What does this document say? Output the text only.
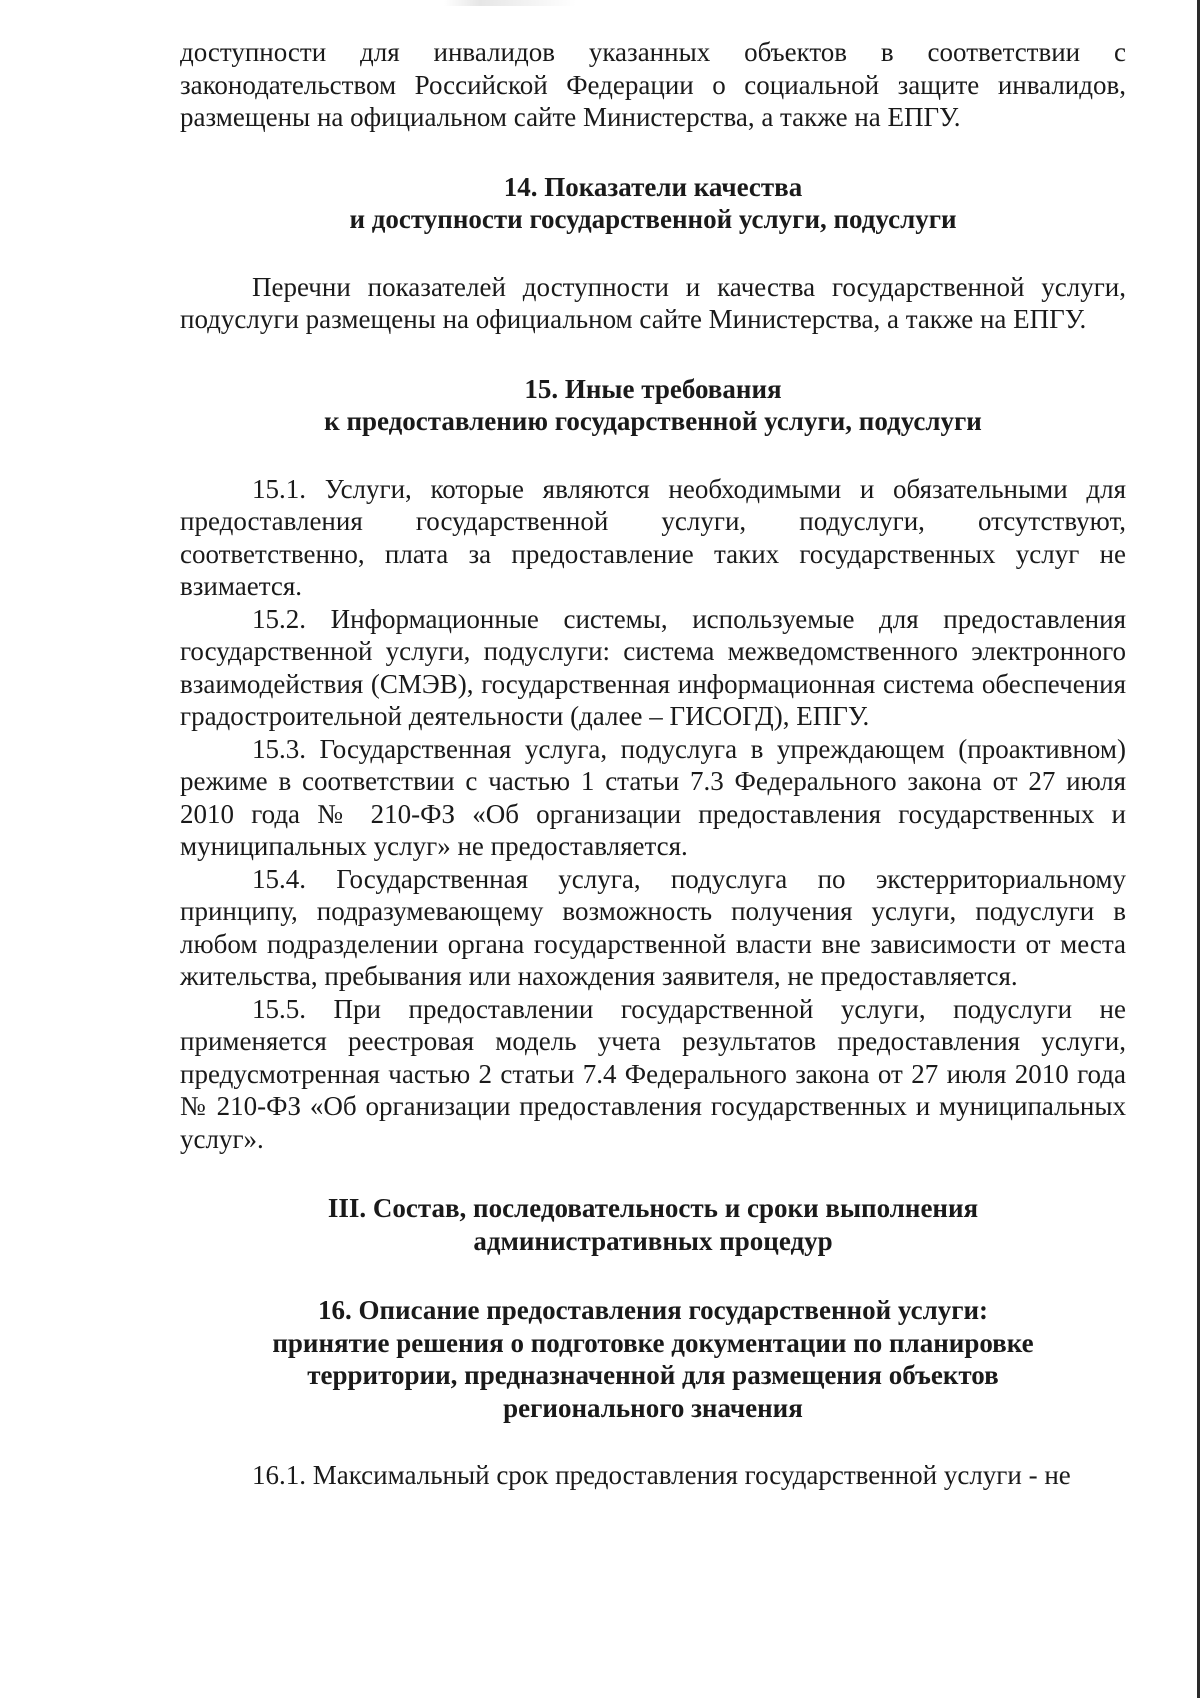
доступности для инвалидов указанных объектов в соответствии с законодательством Российской Федерации о социальной защите инвалидов, размещены на официальном сайте Министерства, а также на ЕПГУ.

14. Показатели качества
и доступности государственной услуги, подуслуги

Перечни показателей доступности и качества государственной услуги, подуслуги размещены на официальном сайте Министерства, а также на ЕПГУ.

15. Иные требования
к предоставлению государственной услуги, подуслуги

15.1. Услуги, которые являются необходимыми и обязательными для предоставления государственной услуги, подуслуги, отсутствуют, соответственно, плата за предоставление таких государственных услуг не взимается.

15.2. Информационные системы, используемые для предоставления государственной услуги, подуслуги: система межведомственного электронного взаимодействия (СМЭВ), государственная информационная система обеспечения градостроительной деятельности (далее – ГИСОГД), ЕПГУ.

15.3. Государственная услуга, подуслуга в упреждающем (проактивном) режиме в соответствии с частью 1 статьи 7.3 Федерального закона от 27 июля 2010 года № 210-ФЗ «Об организации предоставления государственных и муниципальных услуг» не предоставляется.

15.4. Государственная услуга, подуслуга по экстерриториальному принципу, подразумевающему возможность получения услуги, подуслуги в любом подразделении органа государственной власти вне зависимости от места жительства, пребывания или нахождения заявителя, не предоставляется.

15.5. При предоставлении государственной услуги, подуслуги не применяется реестровая модель учета результатов предоставления услуги, предусмотренная частью 2 статьи 7.4 Федерального закона от 27 июля 2010 года № 210-ФЗ «Об организации предоставления государственных и муниципальных услуг».

III. Состав, последовательность и сроки выполнения
административных процедур
16. Описание предоставления государственной услуги:
принятие решения о подготовке документации по планировке
территории, предназначенной для размещения объектов
регионального значения

16.1. Максимальный срок предоставления государственной услуги - не
